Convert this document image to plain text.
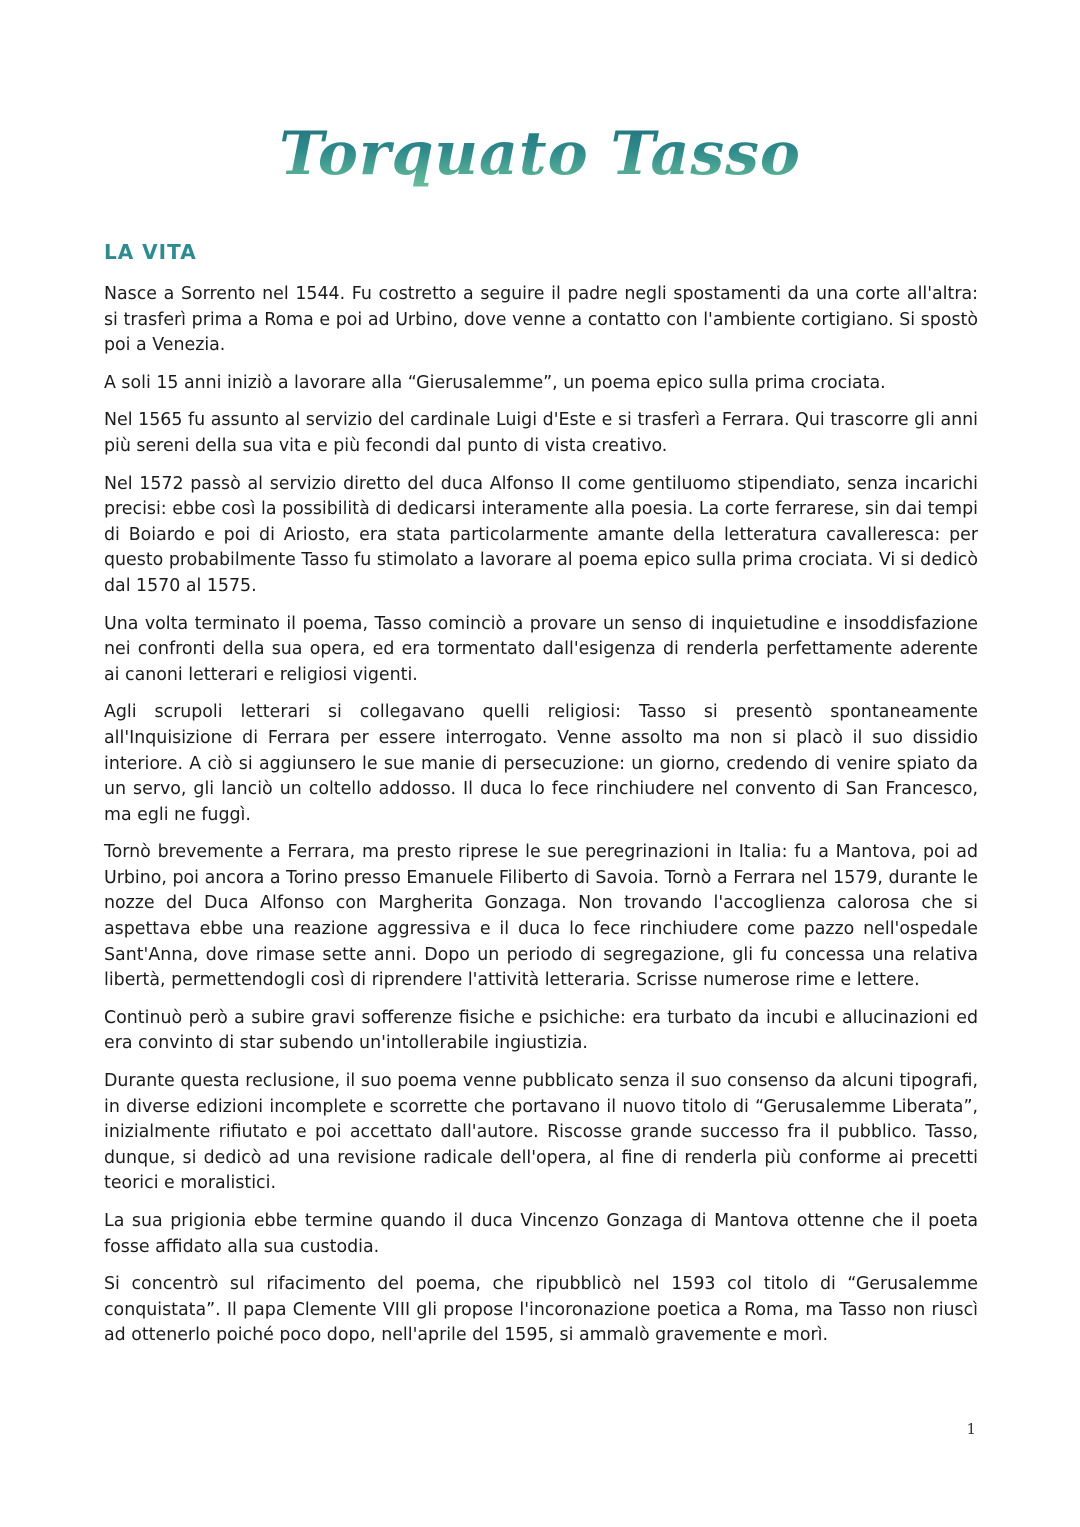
Torquato Tasso
LA VITA

Nasce a Sorrento nel 1544. Fu costretto a seguire il padre negli spostamenti da una corte all'altra: si trasferì prima a Roma e poi ad Urbino, dove venne a contatto con l'ambiente cortigiano. Si spostò poi a Venezia.

A soli 15 anni iniziò a lavorare alla “Gierusalemme”, un poema epico sulla prima crociata.

Nel 1565 fu assunto al servizio del cardinale Luigi d'Este e si trasferì a Ferrara. Qui trascorre gli anni più sereni della sua vita e più fecondi dal punto di vista creativo.

Nel 1572 passò al servizio diretto del duca Alfonso II come gentiluomo stipendiato, senza incarichi precisi: ebbe così la possibilità di dedicarsi interamente alla poesia. La corte ferrarese, sin dai tempi di Boiardo e poi di Ariosto, era stata particolarmente amante della letteratura cavalleresca: per questo probabilmente Tasso fu stimolato a lavorare al poema epico sulla prima crociata. Vi si dedicò dal 1570 al 1575.

Una volta terminato il poema, Tasso cominciò a provare un senso di inquietudine e insoddisfazione nei confronti della sua opera, ed era tormentato dall'esigenza di renderla perfettamente aderente ai canoni letterari e religiosi vigenti.

Agli scrupoli letterari si collegavano quelli religiosi: Tasso si presentò spontaneamente all'Inquisizione di Ferrara per essere interrogato. Venne assolto ma non si placò il suo dissidio interiore. A ciò si aggiunsero le sue manie di persecuzione: un giorno, credendo di venire spiato da un servo, gli lanciò un coltello addosso. Il duca lo fece rinchiudere nel convento di San Francesco, ma egli ne fuggì.

Tornò brevemente a Ferrara, ma presto riprese le sue peregrinazioni in Italia: fu a Mantova, poi ad Urbino, poi ancora a Torino presso Emanuele Filiberto di Savoia. Tornò a Ferrara nel 1579, durante le nozze del Duca Alfonso con Margherita Gonzaga. Non trovando l'accoglienza calorosa che si aspettava ebbe una reazione aggressiva e il duca lo fece rinchiudere come pazzo nell'ospedale Sant'Anna, dove rimase sette anni. Dopo un periodo di segregazione, gli fu concessa una relativa libertà, permettendogli così di riprendere l'attività letteraria. Scrisse numerose rime e lettere.

Continuò però a subire gravi sofferenze fisiche e psichiche: era turbato da incubi e allucinazioni ed era convinto di star subendo un'intollerabile ingiustizia.

Durante questa reclusione, il suo poema venne pubblicato senza il suo consenso da alcuni tipografi, in diverse edizioni incomplete e scorrette che portavano il nuovo titolo di “Gerusalemme Liberata”, inizialmente rifiutato e poi accettato dall'autore. Riscosse grande successo fra il pubblico. Tasso, dunque, si dedicò ad una revisione radicale dell'opera, al fine di renderla più conforme ai precetti teorici e moralistici.

La sua prigionia ebbe termine quando il duca Vincenzo Gonzaga di Mantova ottenne che il poeta fosse affidato alla sua custodia.

Si concentrò sul rifacimento del poema, che ripubblicò nel 1593 col titolo di “Gerusalemme conquistata”. Il papa Clemente VIII gli propose l'incoronazione poetica a Roma, ma Tasso non riuscì ad ottenerlo poiché poco dopo, nell'aprile del 1595, si ammalò gravemente e morì.

1
